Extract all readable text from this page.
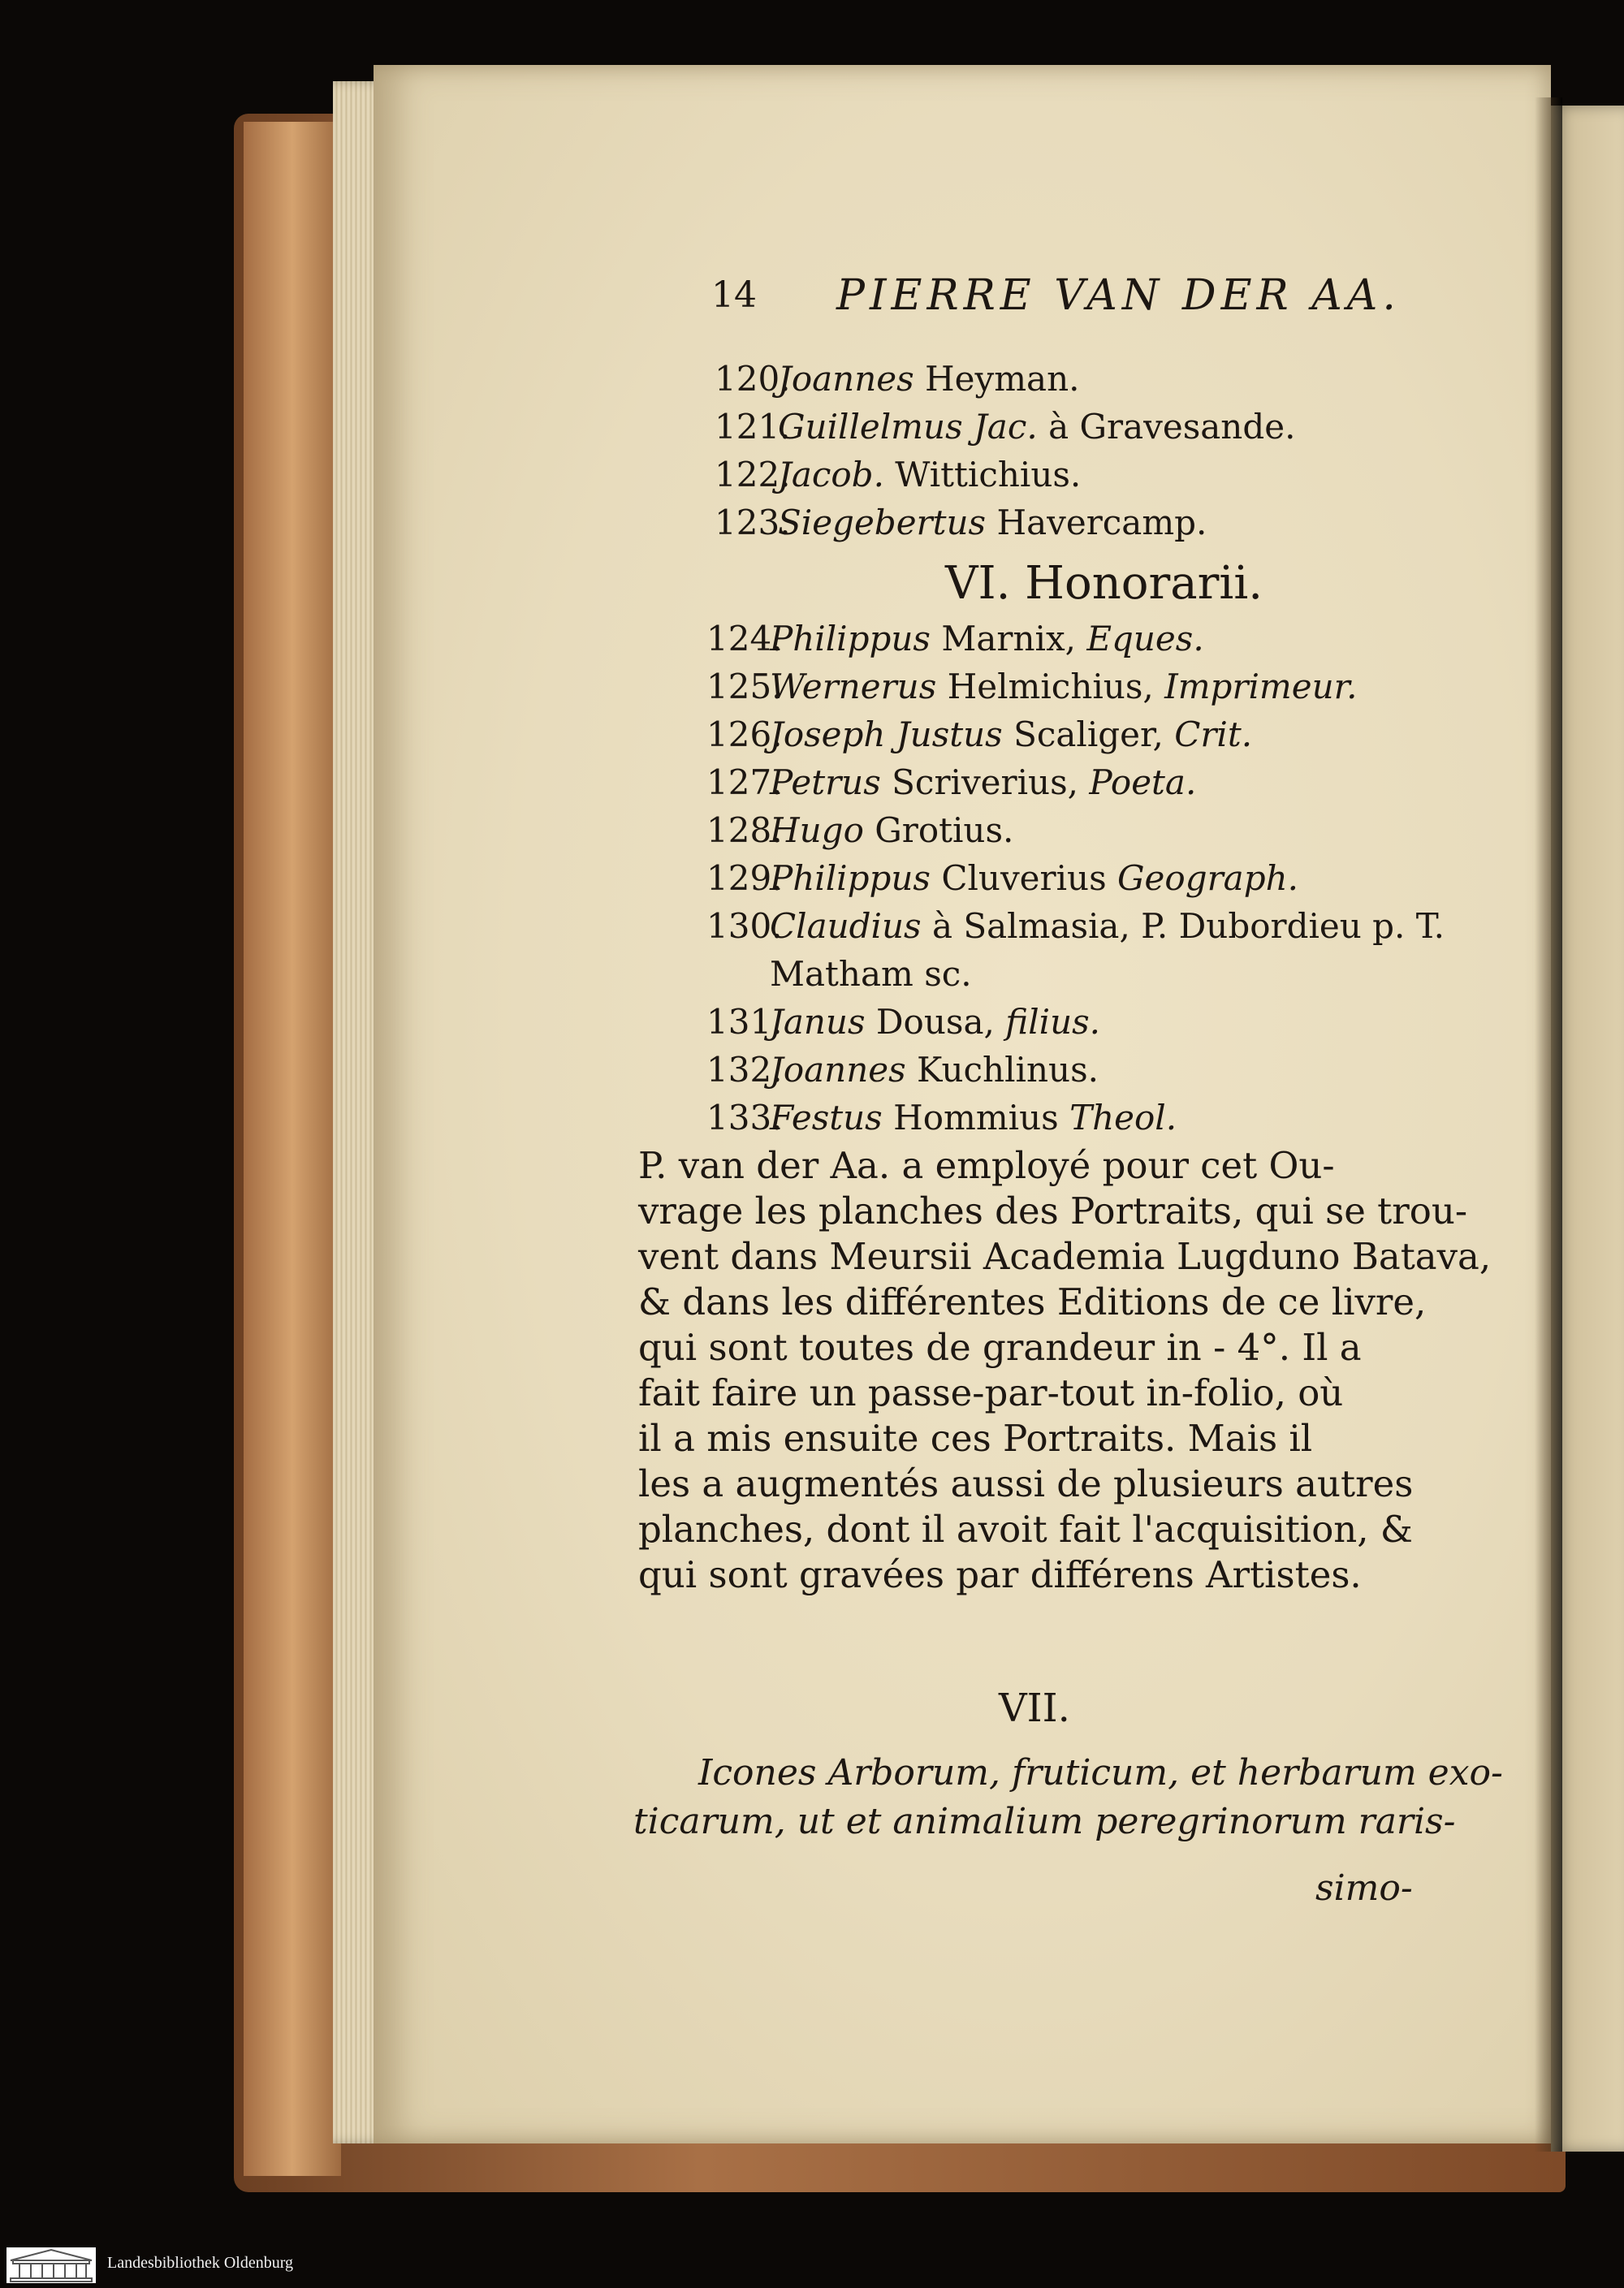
14 PIERRE VAN DER AA.
120.Joannes Heyman.
121.Guillelmus Jac. à Gravesande.
122.Jacob. Wittichius.
123.Siegebertus Havercamp.
VI. Honorarii.
124.Philippus Marnix, Eques.
125.Wernerus Helmichius, Imprimeur.
126.Joseph Justus Scaliger, Crit.
127.Petrus Scriverius, Poeta.
128.Hugo Grotius.
129.Philippus Cluverius Geograph.
130.Claudius à Salmasia, P. Dubordieu p. T.
Matham sc.
131.Janus Dousa, filius.
132.Joannes Kuchlinus.
133.Festus Hommius Theol.
P. van der Aa. a employé pour cet Ou-
vrage les planches des Portraits, qui se trou-
vent dans Meursii Academia Lugduno Batava,
& dans les différentes Editions de ce livre,
qui sont toutes de grandeur in - 4°. Il a
fait faire un passe-par-tout in-folio, où
il a mis ensuite ces Portraits. Mais il
les a augmentés aussi de plusieurs autres
planches, dont il avoit fait l'acquisition, &
qui sont gravées par différens Artistes.
VII.
Icones Arborum, fruticum, et herbarum exo-
ticarum, ut et animalium peregrinorum raris-
simo-
Landesbibliothek Oldenburg
